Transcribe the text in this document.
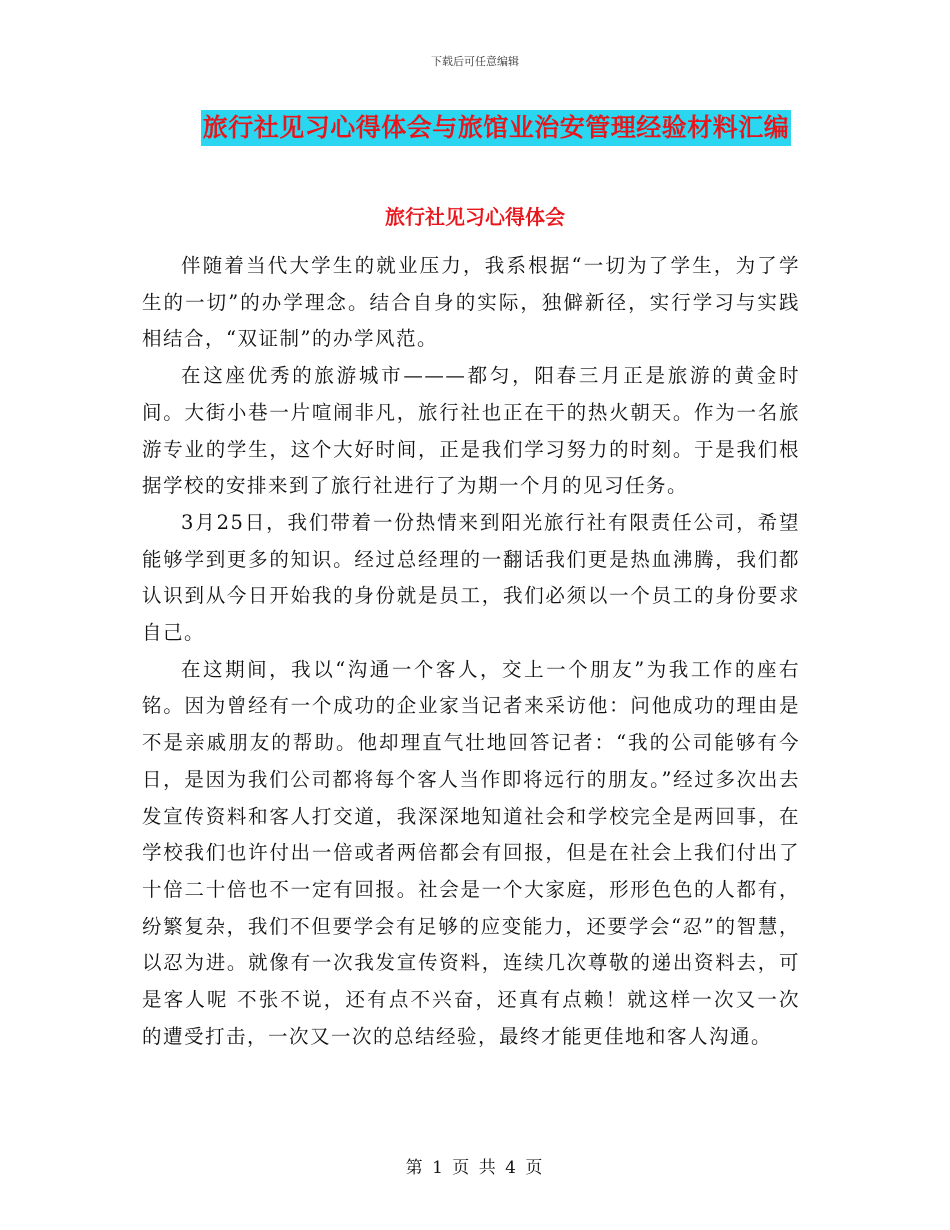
下载后可任意编辑
旅行社见习心得体会与旅馆业治安管理经验材料汇编
旅行社见习心得体会

伴随着当代大学生的就业压力，我系根据“一切为了学生，为了学生的一切”的办学理念。结合自身的实际，独僻新径，实行学习与实践相结合，“双证制”的办学风范。

在这座优秀的旅游城市———都匀，阳春三月正是旅游的黄金时间。大街小巷一片喧闹非凡，旅行社也正在干的热火朝天。作为一名旅游专业的学生，这个大好时间，正是我们学习努力的时刻。于是我们根据学校的安排来到了旅行社进行了为期一个月的见习任务。

3月25日，我们带着一份热情来到阳光旅行社有限责任公司，希望能够学到更多的知识。经过总经理的一翻话我们更是热血沸腾，我们都认识到从今日开始我的身份就是员工，我们必须以一个员工的身份要求自己。

在这期间，我以“沟通一个客人，交上一个朋友”为我工作的座右铭。因为曾经有一个成功的企业家当记者来采访他：问他成功的理由是不是亲戚朋友的帮助。他却理直气壮地回答记者：“我的公司能够有今日，是因为我们公司都将每个客人当作即将远行的朋友。”经过多次出去发宣传资料和客人打交道，我深深地知道社会和学校完全是两回事，在学校我们也许付出一倍或者两倍都会有回报，但是在社会上我们付出了十倍二十倍也不一定有回报。社会是一个大家庭，形形色色的人都有，纷繁复杂，我们不但要学会有足够的应变能力，还要学会“忍”的智慧，以忍为进。就像有一次我发宣传资料，连续几次尊敬的递出资料去，可是客人呢 不张不说，还有点不兴奋，还真有点赖！就这样一次又一次的遭受打击，一次又一次的总结经验，最终才能更佳地和客人沟通。

第 1 页 共 4 页
